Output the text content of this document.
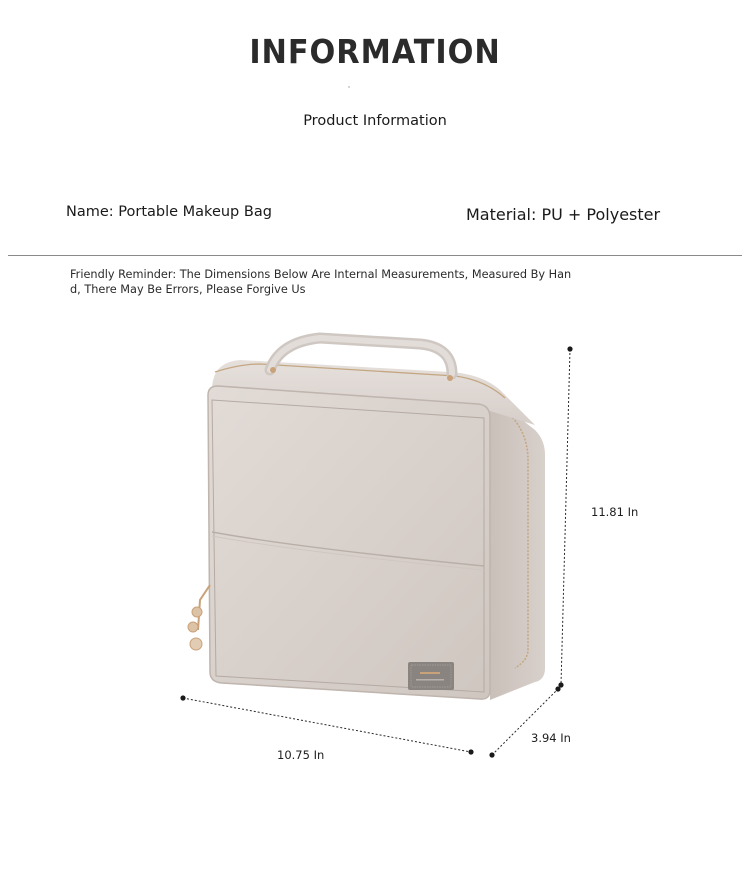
INFORMATION
Product Information
Name: Portable Makeup Bag	Material: PU + Polyester
Friendly Reminder: The Dimensions Below Are Internal Measurements, Measured By Hand, There May Be Errors, Please Forgive Us
11.81 In
10.75 In
3.94 In
